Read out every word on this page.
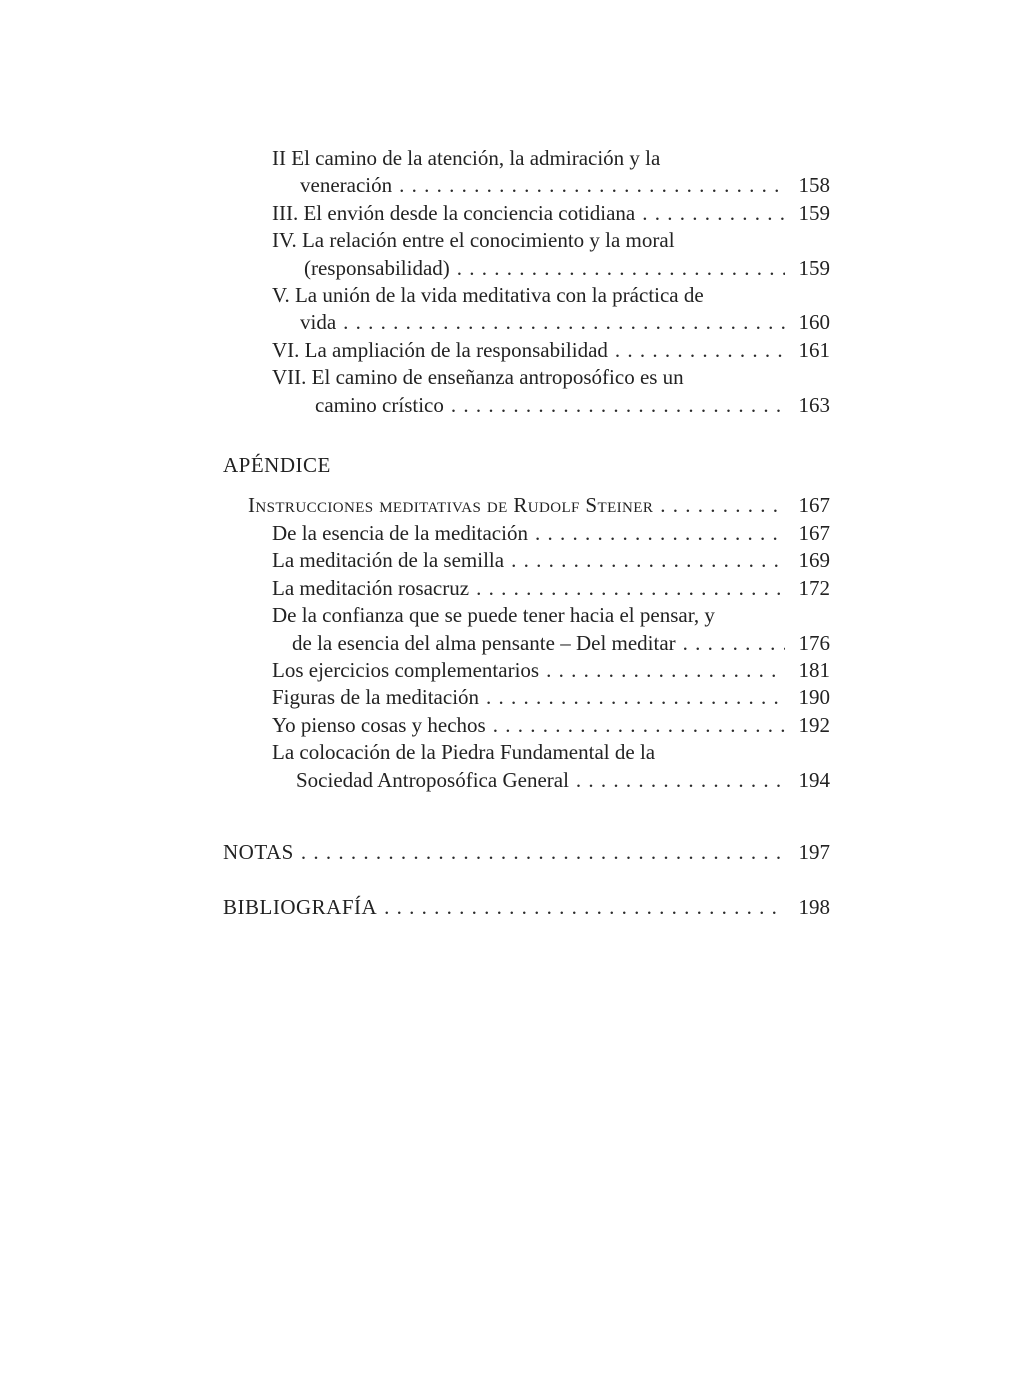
II El camino de la atención, la admiración y la
veneración . . .	158
III. El envión desde la conciencia cotidiana . . .	159
IV. La relación entre el conocimiento y la moral
(responsabilidad) . . .	159
V. La unión de la vida meditativa con la práctica de
vida . . .	160
VI. La ampliación de la responsabilidad . . .	161
VII. El camino de enseñanza antroposófico es un
camino crístico . . .	163
APÉNDICE
Instrucciones meditativas de Rudolf Steiner . . .	167
De la esencia de la meditación . . .	167
La meditación de la semilla . . .	169
La meditación rosacruz . . .	172
De la confianza que se puede tener hacia el pensar, y
de la esencia del alma pensante – Del meditar . . .	176
Los ejercicios complementarios . . .	181
Figuras de la meditación . . .	190
Yo pienso cosas y hechos . . .	192
La colocación de la Piedra Fundamental de la
Sociedad Antroposófica General . . .	194
NOTAS . . .	197
BIBLIOGRAFÍA . . .	198
